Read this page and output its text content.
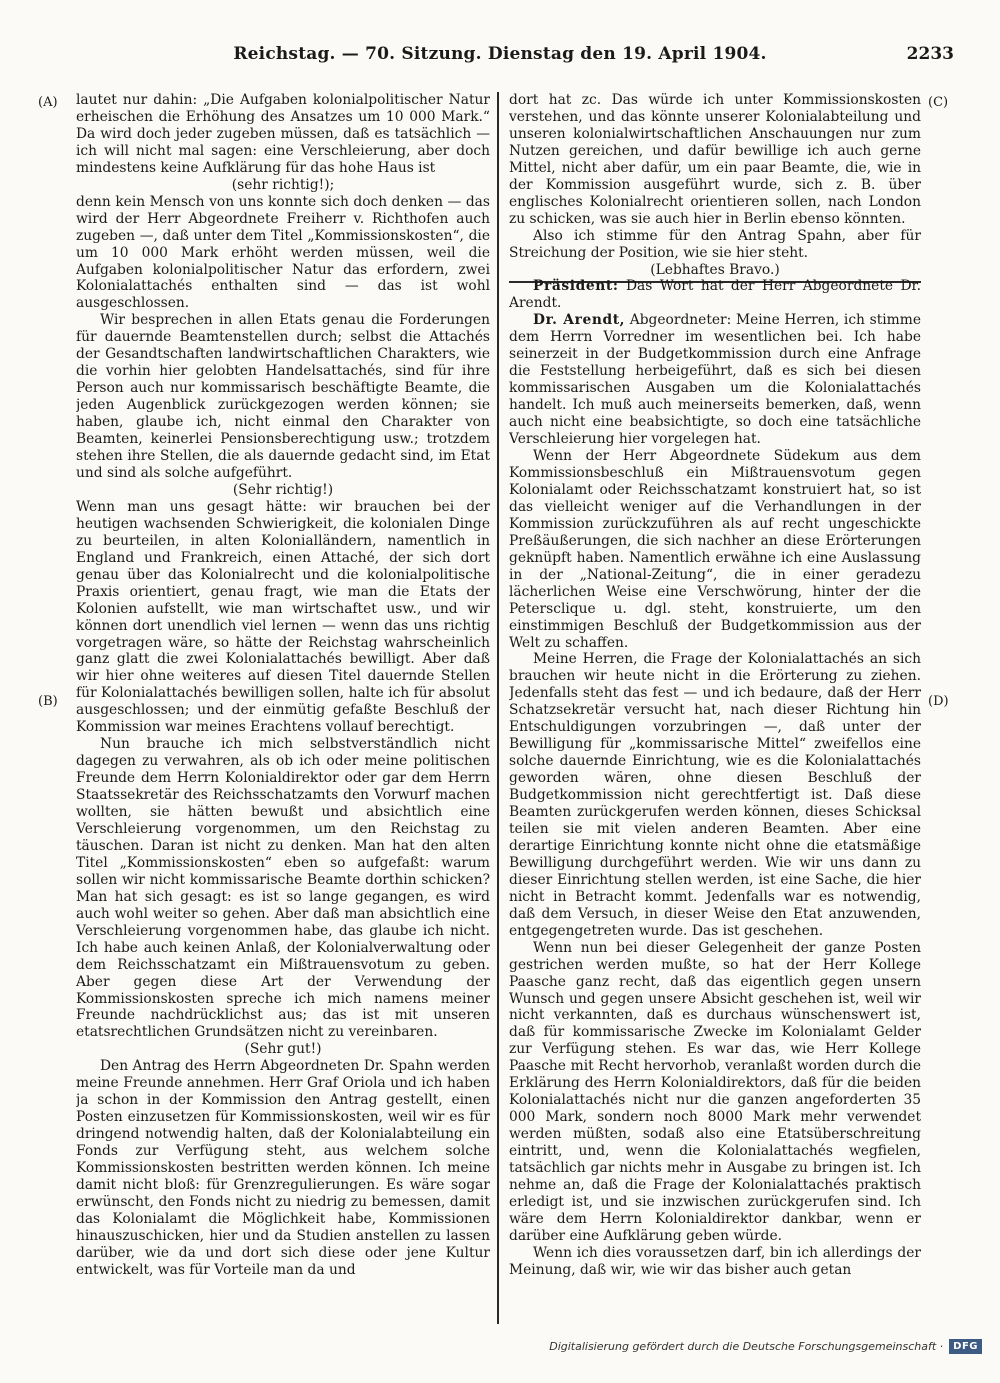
Reichstag. — 70. Sitzung. Dienstag den 19. April 1904.	2233
(A)
(B)
(C)
(D)

lautet nur dahin: „Die Aufgaben kolonialpolitischer Natur erheischen die Erhöhung des Ansatzes um 10 000 Mark.“ Da wird doch jeder zugeben müssen, daß es tatsächlich — ich will nicht mal sagen: eine Verschleierung, aber doch mindestens keine Aufklärung für das hohe Haus ist

(sehr richtig!);

denn kein Mensch von uns konnte sich doch denken — das wird der Herr Abgeordnete Freiherr v. Richthofen auch zugeben —, daß unter dem Titel „Kommissionskosten“, die um 10 000 Mark erhöht werden müssen, weil die Aufgaben kolonialpolitischer Natur das erfordern, zwei Kolonialattachés enthalten sind — das ist wohl ausgeschlossen.

Wir besprechen in allen Etats genau die Forderungen für dauernde Beamtenstellen durch; selbst die Attachés der Gesandtschaften landwirtschaftlichen Charakters, wie die vorhin hier gelobten Handelsattachés, sind für ihre Person auch nur kommissarisch beschäftigte Beamte, die jeden Augenblick zurückgezogen werden können; sie haben, glaube ich, nicht einmal den Charakter von Beamten, keinerlei Pensionsberechtigung usw.; trotzdem stehen ihre Stellen, die als dauernde gedacht sind, im Etat und sind als solche aufgeführt.

(Sehr richtig!)

Wenn man uns gesagt hätte: wir brauchen bei der heutigen wachsenden Schwierigkeit, die kolonialen Dinge zu beurteilen, in alten Kolonialländern, namentlich in England und Frankreich, einen Attaché, der sich dort genau über das Kolonialrecht und die kolonialpolitische Praxis orientiert, genau fragt, wie man die Etats der Kolonien aufstellt, wie man wirtschaftet usw., und wir können dort unendlich viel lernen — wenn das uns richtig vorgetragen wäre, so hätte der Reichstag wahrscheinlich ganz glatt die zwei Kolonialattachés bewilligt. Aber daß wir hier ohne weiteres auf diesen Titel dauernde Stellen für Kolonialattachés bewilligen sollen, halte ich für absolut ausgeschlossen; und der einmütig gefaßte Beschluß der Kommission war meines Erachtens vollauf berechtigt.

Nun brauche ich mich selbstverständlich nicht dagegen zu verwahren, als ob ich oder meine politischen Freunde dem Herrn Kolonialdirektor oder gar dem Herrn Staatssekretär des Reichsschatzamts den Vorwurf machen wollten, sie hätten bewußt und absichtlich eine Verschleierung vorgenommen, um den Reichstag zu täuschen. Daran ist nicht zu denken. Man hat den alten Titel „Kommissionskosten“ eben so aufgefaßt: warum sollen wir nicht kommissarische Beamte dorthin schicken? Man hat sich gesagt: es ist so lange gegangen, es wird auch wohl weiter so gehen. Aber daß man absichtlich eine Verschleierung vorgenommen habe, das glaube ich nicht. Ich habe auch keinen Anlaß, der Kolonialverwaltung oder dem Reichsschatzamt ein Mißtrauensvotum zu geben. Aber gegen diese Art der Verwendung der Kommissionskosten spreche ich mich namens meiner Freunde nachdrücklichst aus; das ist mit unseren etatsrechtlichen Grundsätzen nicht zu vereinbaren.

(Sehr gut!)

Den Antrag des Herrn Abgeordneten Dr. Spahn werden meine Freunde annehmen. Herr Graf Oriola und ich haben ja schon in der Kommission den Antrag gestellt, einen Posten einzusetzen für Kommissionskosten, weil wir es für dringend notwendig halten, daß der Kolonialabteilung ein Fonds zur Verfügung steht, aus welchem solche Kommissionskosten bestritten werden können. Ich meine damit nicht bloß: für Grenzregulierungen. Es wäre sogar erwünscht, den Fonds nicht zu niedrig zu bemessen, damit das Kolonialamt die Möglichkeit habe, Kommissionen hinauszuschicken, hier und da Studien anstellen zu lassen darüber, wie da und dort sich diese oder jene Kultur entwickelt, was für Vorteile man da und

dort hat zc. Das würde ich unter Kommissionskosten verstehen, und das könnte unserer Kolonialabteilung und unseren kolonialwirtschaftlichen Anschauungen nur zum Nutzen gereichen, und dafür bewillige ich auch gerne Mittel, nicht aber dafür, um ein paar Beamte, die, wie in der Kommission ausgeführt wurde, sich z. B. über englisches Kolonialrecht orientieren sollen, nach London zu schicken, was sie auch hier in Berlin ebenso könnten.

Also ich stimme für den Antrag Spahn, aber für Streichung der Position, wie sie hier steht.

(Lebhaftes Bravo.)

Präsident: Das Wort hat der Herr Abgeordnete Dr. Arendt.

Dr. Arendt, Abgeordneter: Meine Herren, ich stimme dem Herrn Vorredner im wesentlichen bei. Ich habe seinerzeit in der Budgetkommission durch eine Anfrage die Feststellung herbeigeführt, daß es sich bei diesen kommissarischen Ausgaben um die Kolonialattachés handelt. Ich muß auch meinerseits bemerken, daß, wenn auch nicht eine beabsichtigte, so doch eine tatsächliche Verschleierung hier vorgelegen hat.

Wenn der Herr Abgeordnete Südekum aus dem Kommissionsbeschluß ein Mißtrauensvotum gegen Kolonialamt oder Reichsschatzamt konstruiert hat, so ist das vielleicht weniger auf die Verhandlungen in der Kommission zurückzuführen als auf recht ungeschickte Preßäußerungen, die sich nachher an diese Erörterungen geknüpft haben. Namentlich erwähne ich eine Auslassung in der „National-Zeitung“, die in einer geradezu lächerlichen Weise eine Verschwörung, hinter der die Petersclique u. dgl. steht, konstruierte, um den einstimmigen Beschluß der Budgetkommission aus der Welt zu schaffen.

Meine Herren, die Frage der Kolonialattachés an sich brauchen wir heute nicht in die Erörterung zu ziehen. Jedenfalls steht das fest — und ich bedaure, daß der Herr Schatzsekretär versucht hat, nach dieser Richtung hin Entschuldigungen vorzubringen —, daß unter der Bewilligung für „kommissarische Mittel“ zweifellos eine solche dauernde Einrichtung, wie es die Kolonialattachés geworden wären, ohne diesen Beschluß der Budgetkommission nicht gerechtfertigt ist. Daß diese Beamten zurückgerufen werden können, dieses Schicksal teilen sie mit vielen anderen Beamten. Aber eine derartige Einrichtung konnte nicht ohne die etatsmäßige Bewilligung durchgeführt werden. Wie wir uns dann zu dieser Einrichtung stellen werden, ist eine Sache, die hier nicht in Betracht kommt. Jedenfalls war es notwendig, daß dem Versuch, in dieser Weise den Etat anzuwenden, entgegengetreten wurde. Das ist geschehen.

Wenn nun bei dieser Gelegenheit der ganze Posten gestrichen werden mußte, so hat der Herr Kollege Paasche ganz recht, daß das eigentlich gegen unsern Wunsch und gegen unsere Absicht geschehen ist, weil wir nicht verkannten, daß es durchaus wünschenswert ist, daß für kommissarische Zwecke im Kolonialamt Gelder zur Verfügung stehen. Es war das, wie Herr Kollege Paasche mit Recht hervorhob, veranlaßt worden durch die Erklärung des Herrn Kolonialdirektors, daß für die beiden Kolonialattachés nicht nur die ganzen angeforderten 35 000 Mark, sondern noch 8000 Mark mehr verwendet werden müßten, sodaß also eine Etatsüberschreitung eintritt, und, wenn die Kolonialattachés wegfielen, tatsächlich gar nichts mehr in Ausgabe zu bringen ist. Ich nehme an, daß die Frage der Kolonialattachés praktisch erledigt ist, und sie inzwischen zurückgerufen sind. Ich wäre dem Herrn Kolonialdirektor dankbar, wenn er darüber eine Aufklärung geben würde.

Wenn ich dies voraussetzen darf, bin ich allerdings der Meinung, daß wir, wie wir das bisher auch getan

Digitalisierung gefördert durch die Deutsche Forschungsgemeinschaft ·	DFG
